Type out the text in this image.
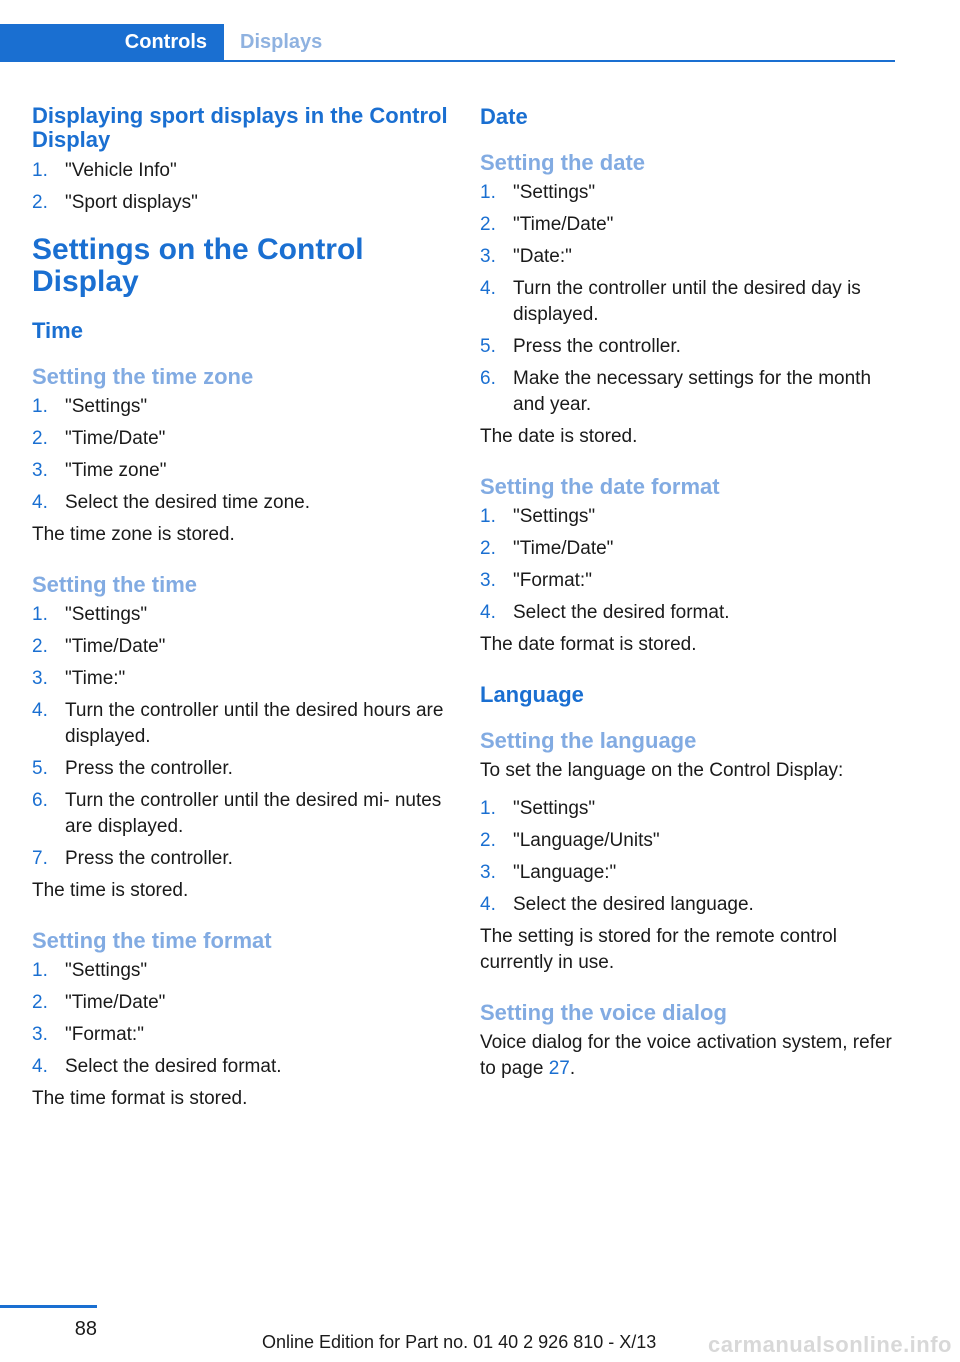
Controls Displays
Displaying sport displays in the Control Display
1. "Vehicle Info"
2. "Sport displays"
Settings on the Control Display
Time
Setting the time zone
1. "Settings"
2. "Time/Date"
3. "Time zone"
4. Select the desired time zone.

The time zone is stored.

Setting the time
1. "Settings"
2. "Time/Date"
3. "Time:"
4. Turn the controller until the desired hours are displayed.
5. Press the controller.
6. Turn the controller until the desired mi‐ nutes are displayed.
7. Press the controller.

The time is stored.

Setting the time format
1. "Settings"
2. "Time/Date"
3. "Format:"
4. Select the desired format.

The time format is stored.

Date
Setting the date
1. "Settings"
2. "Time/Date"
3. "Date:"
4. Turn the controller until the desired day is displayed.
5. Press the controller.
6. Make the necessary settings for the month and year.

The date is stored.

Setting the date format
1. "Settings"
2. "Time/Date"
3. "Format:"
4. Select the desired format.

The date format is stored.

Language
Setting the language

To set the language on the Control Display:

1. "Settings"
2. "Language/Units"
3. "Language:"
4. Select the desired language.

The setting is stored for the remote control currently in use.

Setting the voice dialog

Voice dialog for the voice activation system, refer to page 27.

88
Online Edition for Part no. 01 40 2 926 810 - X/13 carmanualsonline.info
